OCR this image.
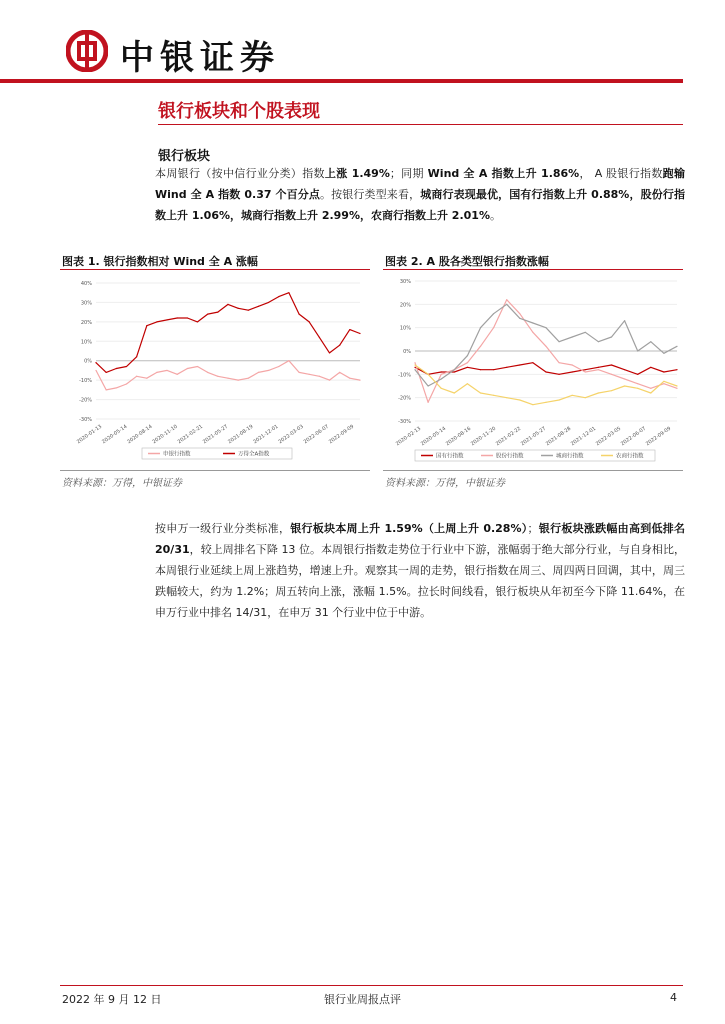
中银证券
银行板块和个股表现
银行板块
本周银行（按中信行业分类）指数上涨 1.49%；同期 Wind 全 A 指数上升 1.86%， A 股银行指数跑输 Wind 全 A 指数 0.37 个百分点。按银行类型来看，城商行表现最优，国有行指数上升 0.88%，股份行指数上升 1.06%，城商行指数上升 2.99%，农商行指数上升 2.01%。
图表 1. 银行指数相对 Wind 全 A 涨幅	图表 2. A 股各类型银行指数涨幅
40%
30%
20%
10%
0%
-10%
-20%
-30%
2020-01-13
2020-05-14
2020-08-14
2020-11-10
2021-02-21
2021-05-27
2021-08-19
2021-12-01
2022-03-03
2022-06-07
2022-09-09
申银行指数	万得全A指数
30%
20%
10%
0%
-10%
-20%
-30%
2020-02-13
2020-05-14
2020-08-16
2020-11-20
2021-02-22
2021-05-27
2021-08-28
2021-12-01
2022-03-05
2022-06-07
2022-09-09
国有行指数	股份行指数	城商行指数	农商行指数
资料来源：万得，中银证券	资料来源：万得，中银证券
按申万一级行业分类标准，银行板块本周上升 1.59%（上周上升 0.28%）；银行板块涨跌幅由高到低排名 20/31，较上周排名下降 13 位。本周银行指数走势位于行业中下游，涨幅弱于绝大部分行业，与自身相比，本周银行业延续上周上涨趋势，增速上升。观察其一周的走势，银行指数在周三、周四两日回调，其中，周三跌幅较大，约为 1.2%；周五转向上涨，涨幅 1.5%。拉长时间线看，银行板块从年初至今下降 11.64%，在申万行业中排名 14/31，在申万 31 个行业中位于中游。
2022 年 9 月 12 日	银行业周报点评	4
